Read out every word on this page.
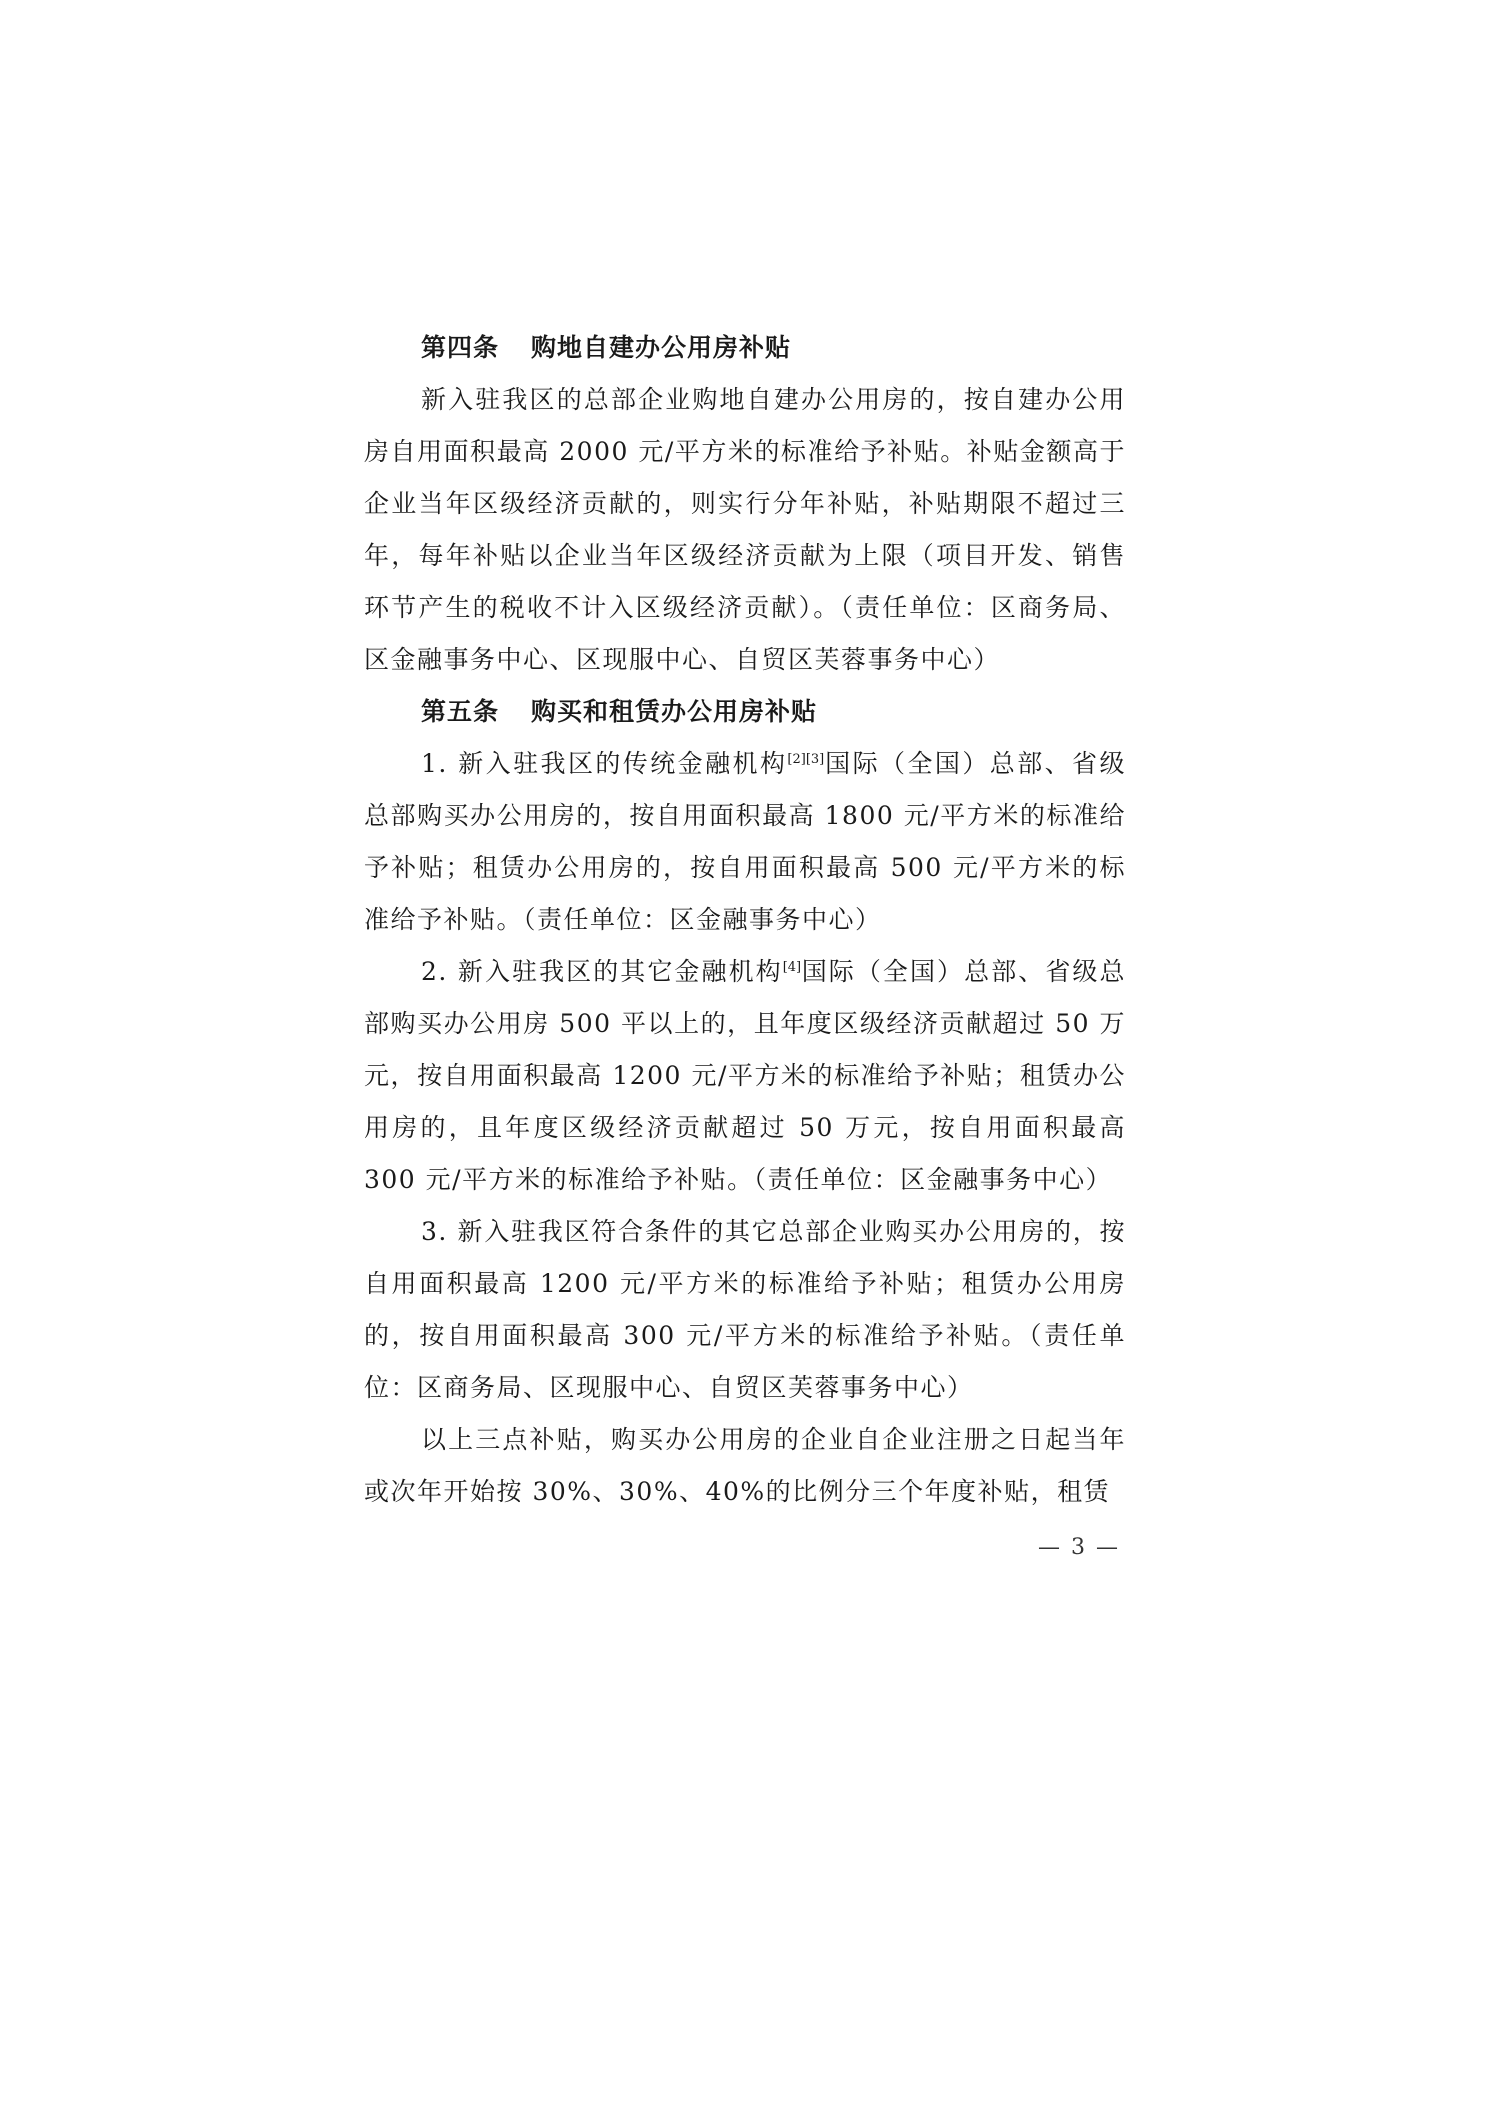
第四条 购地自建办公用房补贴

新入驻我区的总部企业购地自建办公用房的，按自建办公用房自用面积最高 2000 元/平方米的标准给予补贴。补贴金额高于企业当年区级经济贡献的，则实行分年补贴，补贴期限不超过三年，每年补贴以企业当年区级经济贡献为上限（项目开发、销售环节产生的税收不计入区级经济贡献）。（责任单位：区商务局、区金融事务中心、区现服中心、自贸区芙蓉事务中心）

第五条 购买和租赁办公用房补贴

1. 新入驻我区的传统金融机构[2][3]国际（全国）总部、省级总部购买办公用房的，按自用面积最高 1800 元/平方米的标准给予补贴；租赁办公用房的，按自用面积最高 500 元/平方米的标准给予补贴。（责任单位：区金融事务中心）

2. 新入驻我区的其它金融机构[4]国际（全国）总部、省级总部购买办公用房 500 平以上的，且年度区级经济贡献超过 50 万元，按自用面积最高 1200 元/平方米的标准给予补贴；租赁办公用房的，且年度区级经济贡献超过 50 万元，按自用面积最高 300 元/平方米的标准给予补贴。（责任单位：区金融事务中心）

3. 新入驻我区符合条件的其它总部企业购买办公用房的，按自用面积最高 1200 元/平方米的标准给予补贴；租赁办公用房的，按自用面积最高 300 元/平方米的标准给予补贴。（责任单位：区商务局、区现服中心、自贸区芙蓉事务中心）

以上三点补贴，购买办公用房的企业自企业注册之日起当年或次年开始按 30%、30%、40%的比例分三个年度补贴，租赁

— 3 —
